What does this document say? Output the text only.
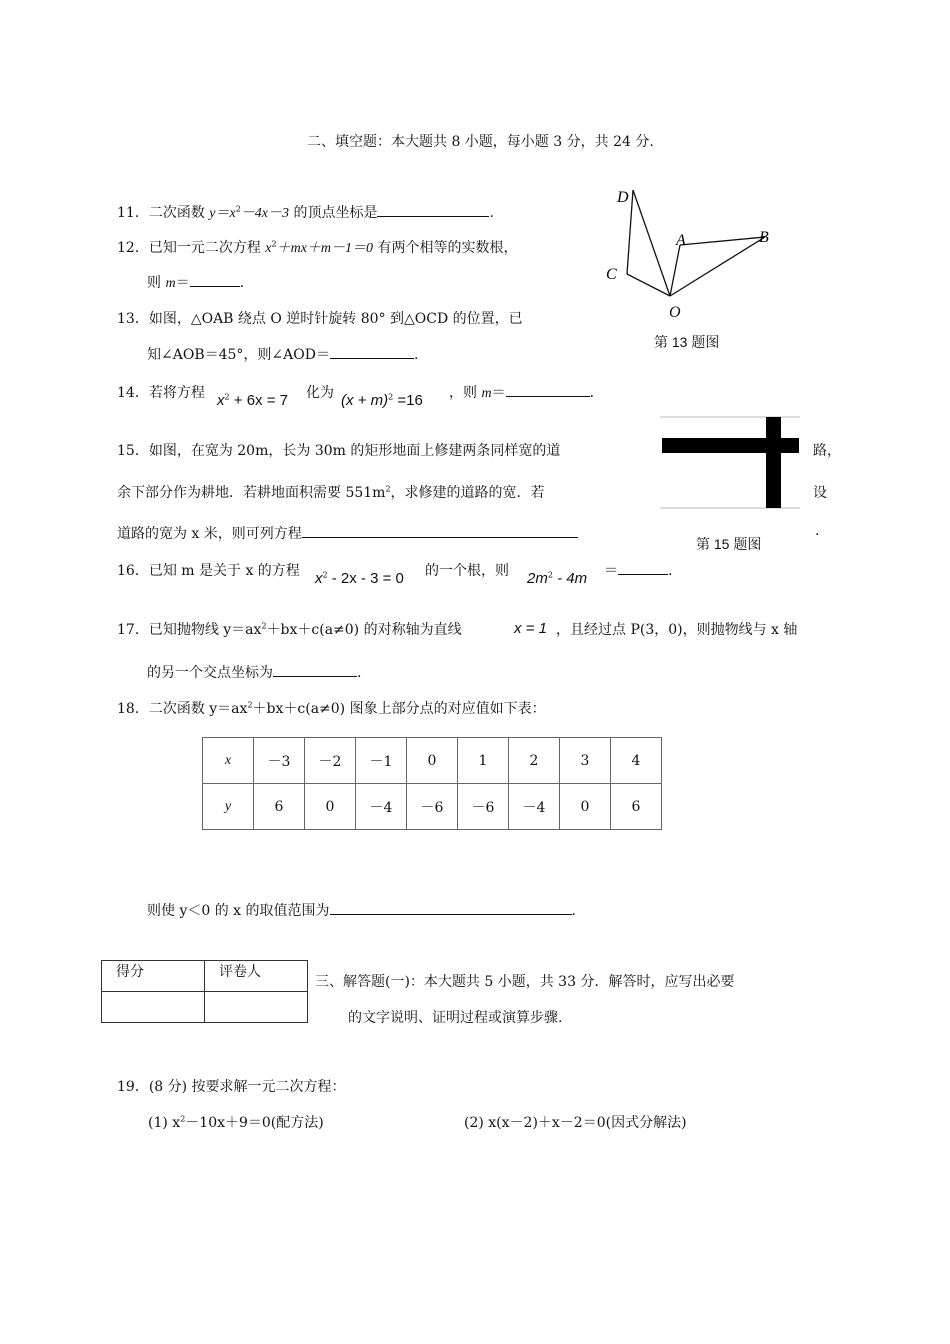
二、填空题：本大题共 8 小题，每小题 3 分，共 24 分.
11．二次函数 $y=x^2-4x-3$ 的顶点坐标是	.
12．已知一元二次方程 $x^2+mx+m-1=0$ 有两个相等的实数根，
则 m＝	.
D
A	B
C
O
第 13 题图
13．如图，△OAB 绕点 O 逆时针旋转 80° 到△OCD 的位置，已
知∠AOB＝45°，则∠AOD＝	.
14．若将方程 $x^2 + 6x = 7$ 化为 $(x + m)^2 =16$ ，则 m＝	.
第 15 题图
15．如图，在宽为 20m，长为 30m 的矩形地面上修建两条同样宽的道	路，
余下部分作为耕地．若耕地面积需要 $551m^2$，求修建的道路的宽．若	设
道路的宽为 x 米，则可列方程	.
16．已知 m 是关于 x 的方程 $x^2 - 2x - 3 = 0$ 的一个根，则 $2m^2 - 4m$ ＝	.
17．已知抛物线 $y=ax^2+bx+c(a\ne 0)$ 的对称轴为直线	x = 1 ，且经过点 P(3，0)，则抛物线与 x 轴
的另一个交点坐标为	.
18．二次函数 $y=ax^2+bx+c(a\ne 0)$ 图象上部分点的对应值如下表：
x	－3	－2	－1	0	1	2	3	4
y	6	0	－4	－6	－6	－4	0	6
则使 y＜0 的 x 的取值范围为	.
得分	评卷人

三、解答题(一)：本大题共 5 小题，共 33 分．解答时，应写出必要
的文字说明、证明过程或演算步骤.
19．(8 分) 按要求解一元二次方程：
(1) $x^2-10x+9=0$(配方法)	(2) x(x－2)＋x－2＝0(因式分解法)
